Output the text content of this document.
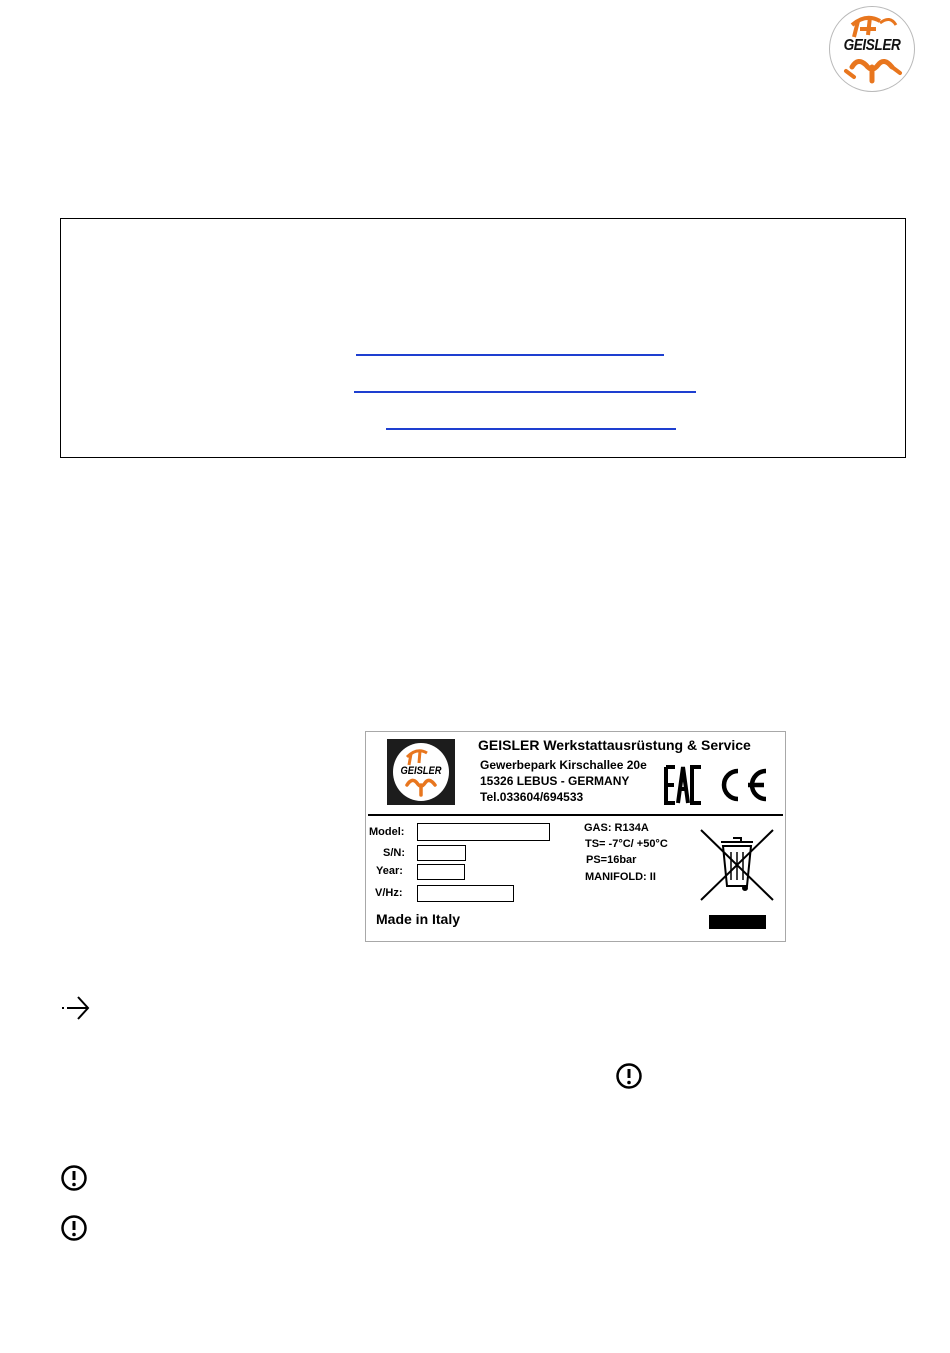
GEISLER
GEISLER
GEISLER Werkstattausrüstung & Service
Gewerbepark Kirschallee 20e
15326 LEBUS - GERMANY
Tel.033604/694533
Model:
S/N:
Year:
V/Hz:
Made in Italy
GAS: R134A
TS= -7°C/ +50°C
PS=16bar
MANIFOLD: II
